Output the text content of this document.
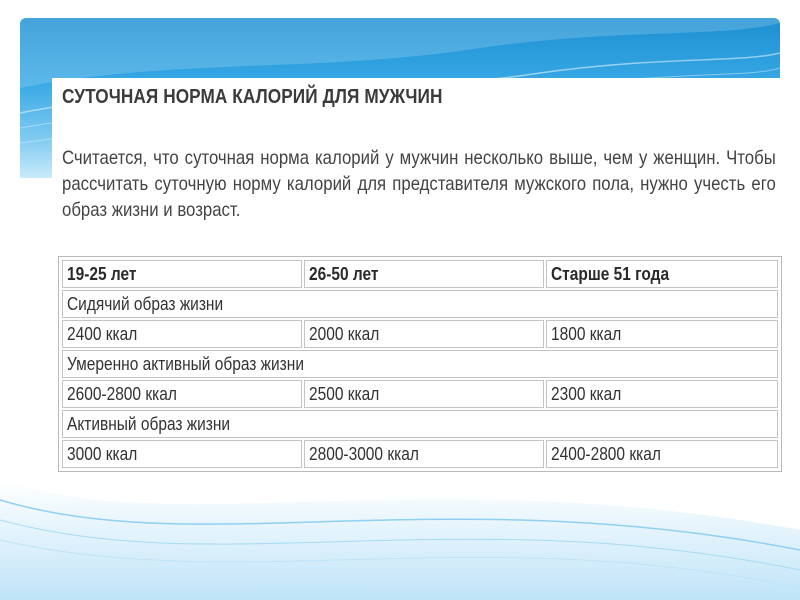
СУТОЧНАЯ НОРМА КАЛОРИЙ ДЛЯ МУЖЧИН
Считается, что суточная норма калорий у мужчин несколько выше, чем у женщин. Чтобы
рассчитать суточную норму калорий для представителя мужского пола, нужно учесть его
образ жизни и возраст.
19-25 лет	26-50 лет	Старше 51 года
Сидячий образ жизни		
2400 ккал	2000 ккал	1800 ккал
Умеренно активный образ жизни		
2600-2800 ккал	2500 ккал	2300 ккал
Активный образ жизни		
3000 ккал	2800-3000 ккал	2400-2800 ккал
